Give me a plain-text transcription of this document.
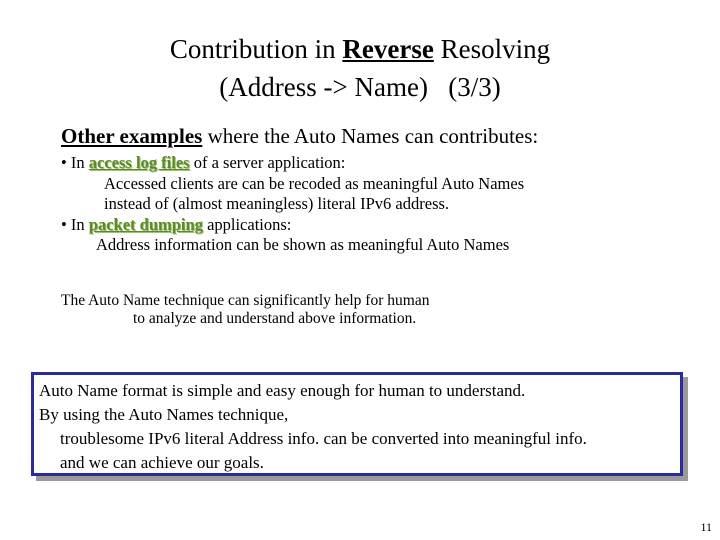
Contribution in Reverse Resolving
(Address -> Name)   (3/3)
Other examples where the Auto Names can contributes:
• In access log files of a server application:
Accessed clients are can be recoded as meaningful Auto Names
instead of (almost meaningless) literal IPv6 address.
• In packet dumping applications:
Address information can be shown as meaningful Auto Names
The Auto Name technique can significantly help for human
to analyze and understand above information.
Auto Name format is simple and easy enough for human to understand.
By using the Auto Names technique,
troublesome IPv6 literal Address info. can be converted into meaningful info.
and we can achieve our goals.
11
